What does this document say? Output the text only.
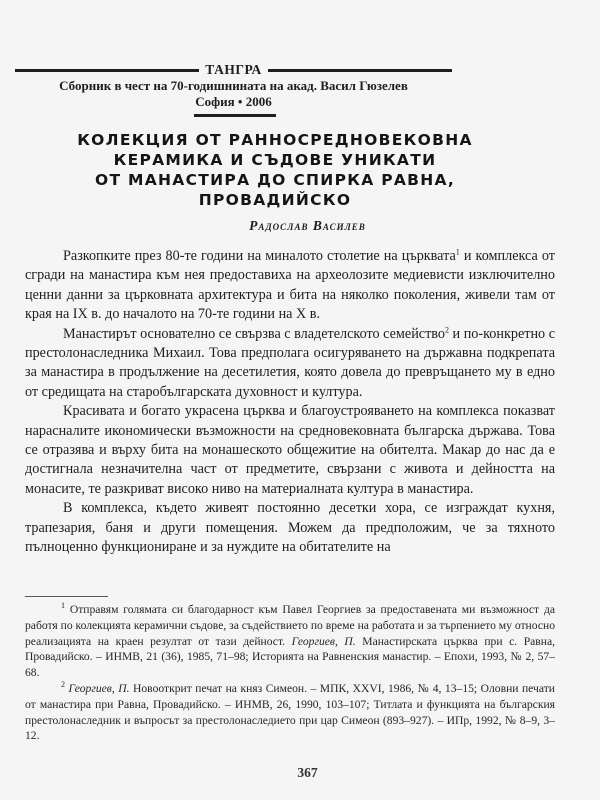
ТАНГРА
Сборник в чест на 70-годишнината на акад. Васил Гюзелев
София • 2006
КОЛЕКЦИЯ ОТ РАННОСРЕДНОВЕКОВНА
КЕРАМИКА И СЪДОВЕ УНИКАТИ
ОТ МАНАСТИРА ДО СПИРКА РАВНА,
ПРОВАДИЙСКО
Радослав Василев

Разкопките през 80-те години на миналото столетие на църквата$^1$ и комплекса от сгради на манастира към нея предоставиха на археолозите медиевисти изключително ценни данни за църковната архитектура и бита на няколко поколения, живели там от края на IX в. до началото на 70-те години на X в.

Манастирът основателно се свързва с владетелското семейство$^2$ и по-конкретно с престолонаследника Михаил. Това предполага осигуряването на държавна подкрепата за манастира в продължение на десетилетия, която довела до превръщането му в едно от средищата на старобългарската духовност и култура.

Красивата и богато украсена църква и благоустрояването на комплекса показват нарасналите икономически възможности на средновековната българска държава. Това се отразява и върху бита на монашеското общежитие на обителта. Макар до нас да е достигнала незначителна част от предметите, свързани с живота и дейността на монасите, те разкриват високо ниво на материалната култура в манастира.

В комплекса, където живеят постоянно десетки хора, се изграждат кухня, трапезария, баня и други помещения. Можем да предположим, че за тяхното пълноценно функциониране и за нуждите на обитателите на

$^1$ Отправям голямата си благодарност към Павел Георгиев за предоставената ми възможност да работя по колекцията керамични съдове, за съдействието по време на работата и за търпението му относно реализацията на краен резултат от тази дейност. Георгиев, П. Манастирската църква при с. Равна, Провадийско. – ИНМВ, 21 (36), 1985, 71–98; Историята на Равненския манастир. – Епохи, 1993, № 2, 57–68.

$^2$ Георгиев, П. Новооткрит печат на княз Симеон. – МПК, XXVI, 1986, № 4, 13–15; Оловни печати от манастира при Равна, Провадийско. – ИНМВ, 26, 1990, 103–107; Титлата и функцията на българския престолонаследник и въпросът за престолонаследието при цар Симеон (893–927). – ИПр, 1992, № 8–9, 3–12.

367
